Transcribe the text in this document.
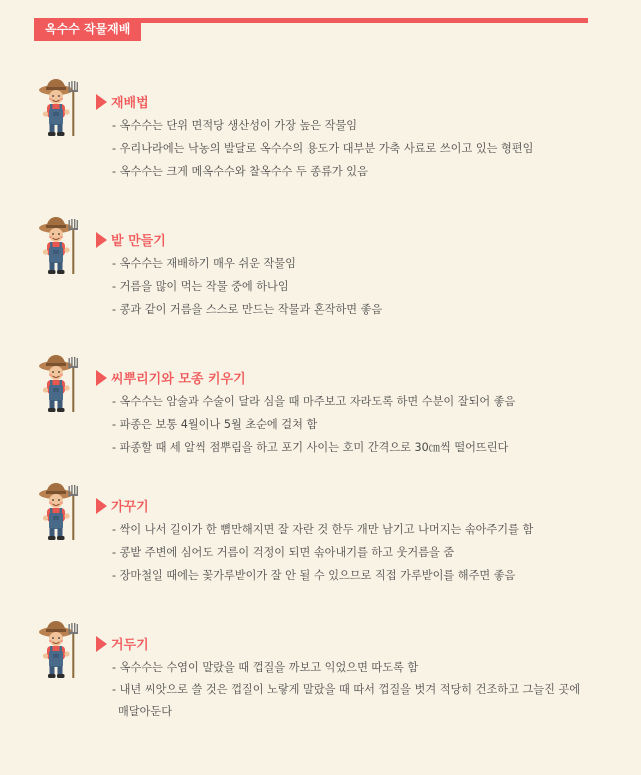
옥수수 작물재배
재배법
- 옥수수는 단위 면적당 생산성이 가장 높은 작물임
- 우리나라에는 낙농의 발달로 옥수수의 용도가 대부분 가축 사료로 쓰이고 있는 형편임
- 옥수수는 크게 메옥수수와 찰옥수수 두 종류가 있음
밭 만들기
- 옥수수는 재배하기 매우 쉬운 작물임
- 거름을 많이 먹는 작물 중에 하나임
- 콩과 같이 거름을 스스로 만드는 작물과 혼작하면 좋음
씨뿌리기와 모종 키우기
- 옥수수는 암술과 수술이 달라 심을 때 마주보고 자라도록 하면 수분이 잘되어 좋음
- 파종은 보통 4월이나 5월 초순에 걸쳐 함
- 파종할 때 세 알씩 점뿌림을 하고 포기 사이는 호미 간격으로 30㎝씩 떨어뜨린다
가꾸기
- 싹이 나서 길이가 한 뼘만해지면 잘 자란 것 한두 개만 남기고 나머지는 솎아주기를 함
- 콩밭 주변에 심어도 거름이 걱정이 되면 솎아내기를 하고 웃거름을 줌
- 장마철일 때에는 꽃가루받이가 잘 안 될 수 있으므로 직접 가루받이를 해주면 좋음
거두기
- 옥수수는 수염이 말랐을 때 껍질을 까보고 익었으면 따도록 함
- 내년 씨앗으로 쓸 것은 껍질이 노랗게 말랐을 때 따서 껍질을 벗겨 적당히 건조하고 그늘진 곳에 매달아둔다
